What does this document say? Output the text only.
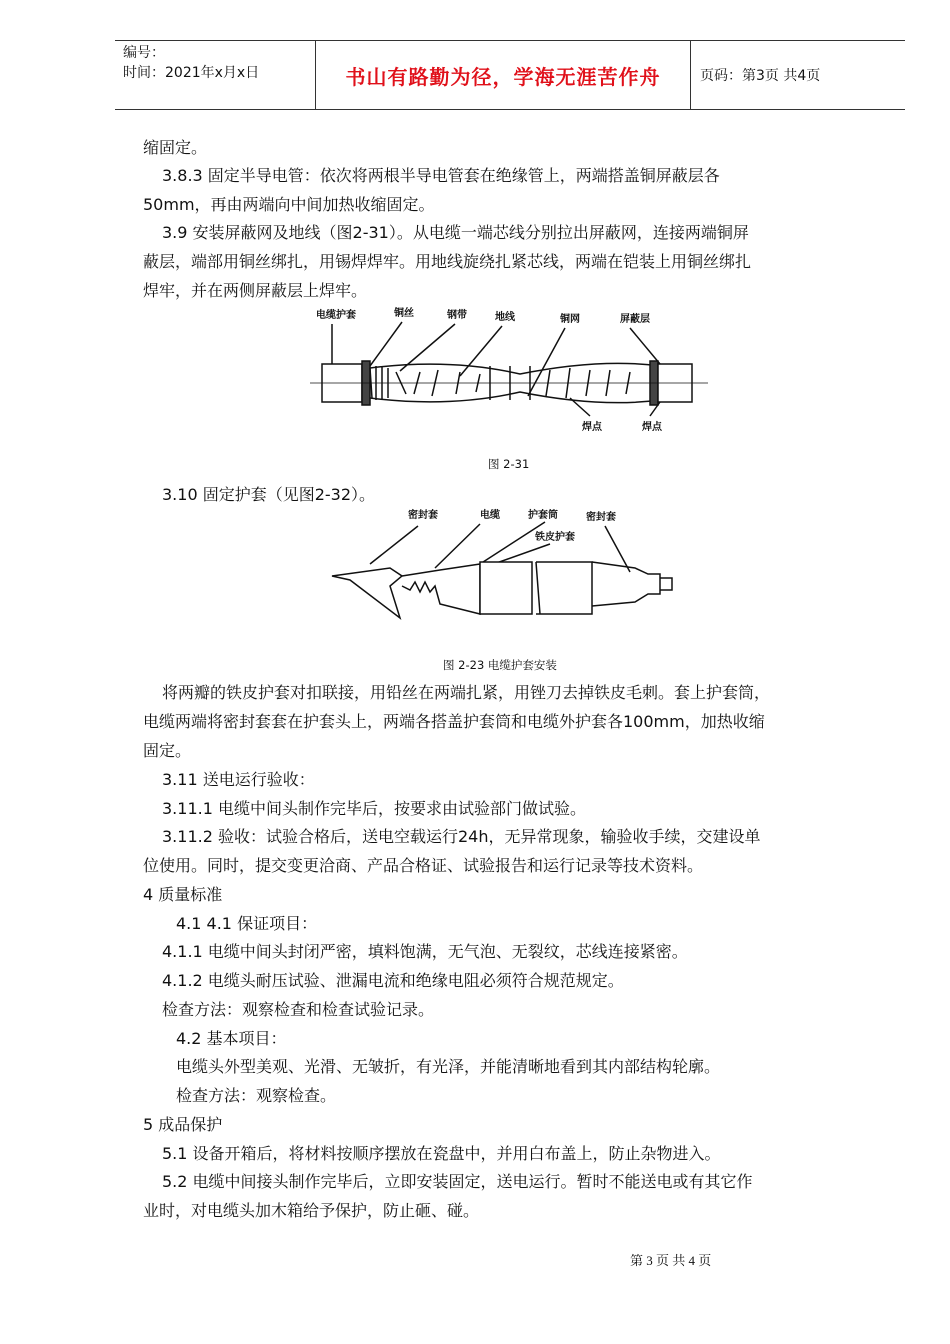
编号：
时间：2021年x月x日	书山有路勤为径，学海无涯苦作舟	页码：第3页 共4页
缩固定。
3.8.3 固定半导电管：依次将两根半导电管套在绝缘管上，两端搭盖铜屏蔽层各
50mm，再由两端向中间加热收缩固定。
3.9 安装屏蔽网及地线（图2-31）。从电缆一端芯线分别拉出屏蔽网，连接两端铜屏
蔽层，端部用铜丝绑扎，用锡焊焊牢。用地线旋绕扎紧芯线，两端在铠装上用铜丝绑扎
焊牢，并在两侧屏蔽层上焊牢。
电缆护套	铜丝	钢带	地线	铜网	屏蔽层
焊点	焊点
图 2-31
3.10 固定护套（见图2-32）。
密封套	电缆	护套筒
铁皮护套
密封套
图 2-23 电缆护套安装
将两瓣的铁皮护套对扣联接，用铅丝在两端扎紧，用锉刀去掉铁皮毛刺。套上护套筒，
电缆两端将密封套套在护套头上，两端各搭盖护套筒和电缆外护套各100mm，加热收缩
固定。
3.11 送电运行验收：
3.11.1 电缆中间头制作完毕后，按要求由试验部门做试验。
3.11.2 验收：试验合格后，送电空载运行24h，无异常现象，输验收手续，交建设单
位使用。同时，提交变更洽商、产品合格证、试验报告和运行记录等技术资料。
4 质量标准
4.1 4.1 保证项目：
4.1.1 电缆中间头封闭严密，填料饱满，无气泡、无裂纹，芯线连接紧密。
4.1.2 电缆头耐压试验、泄漏电流和绝缘电阻必须符合规范规定。
检查方法：观察检查和检查试验记录。
4.2 基本项目：
电缆头外型美观、光滑、无皱折，有光泽，并能清晰地看到其内部结构轮廓。
检查方法：观察检查。
5 成品保护
5.1 设备开箱后，将材料按顺序摆放在瓷盘中，并用白布盖上，防止杂物进入。
5.2 电缆中间接头制作完毕后，立即安装固定，送电运行。暂时不能送电或有其它作
业时，对电缆头加木箱给予保护，防止砸、碰。
第 3 页 共 4 页
